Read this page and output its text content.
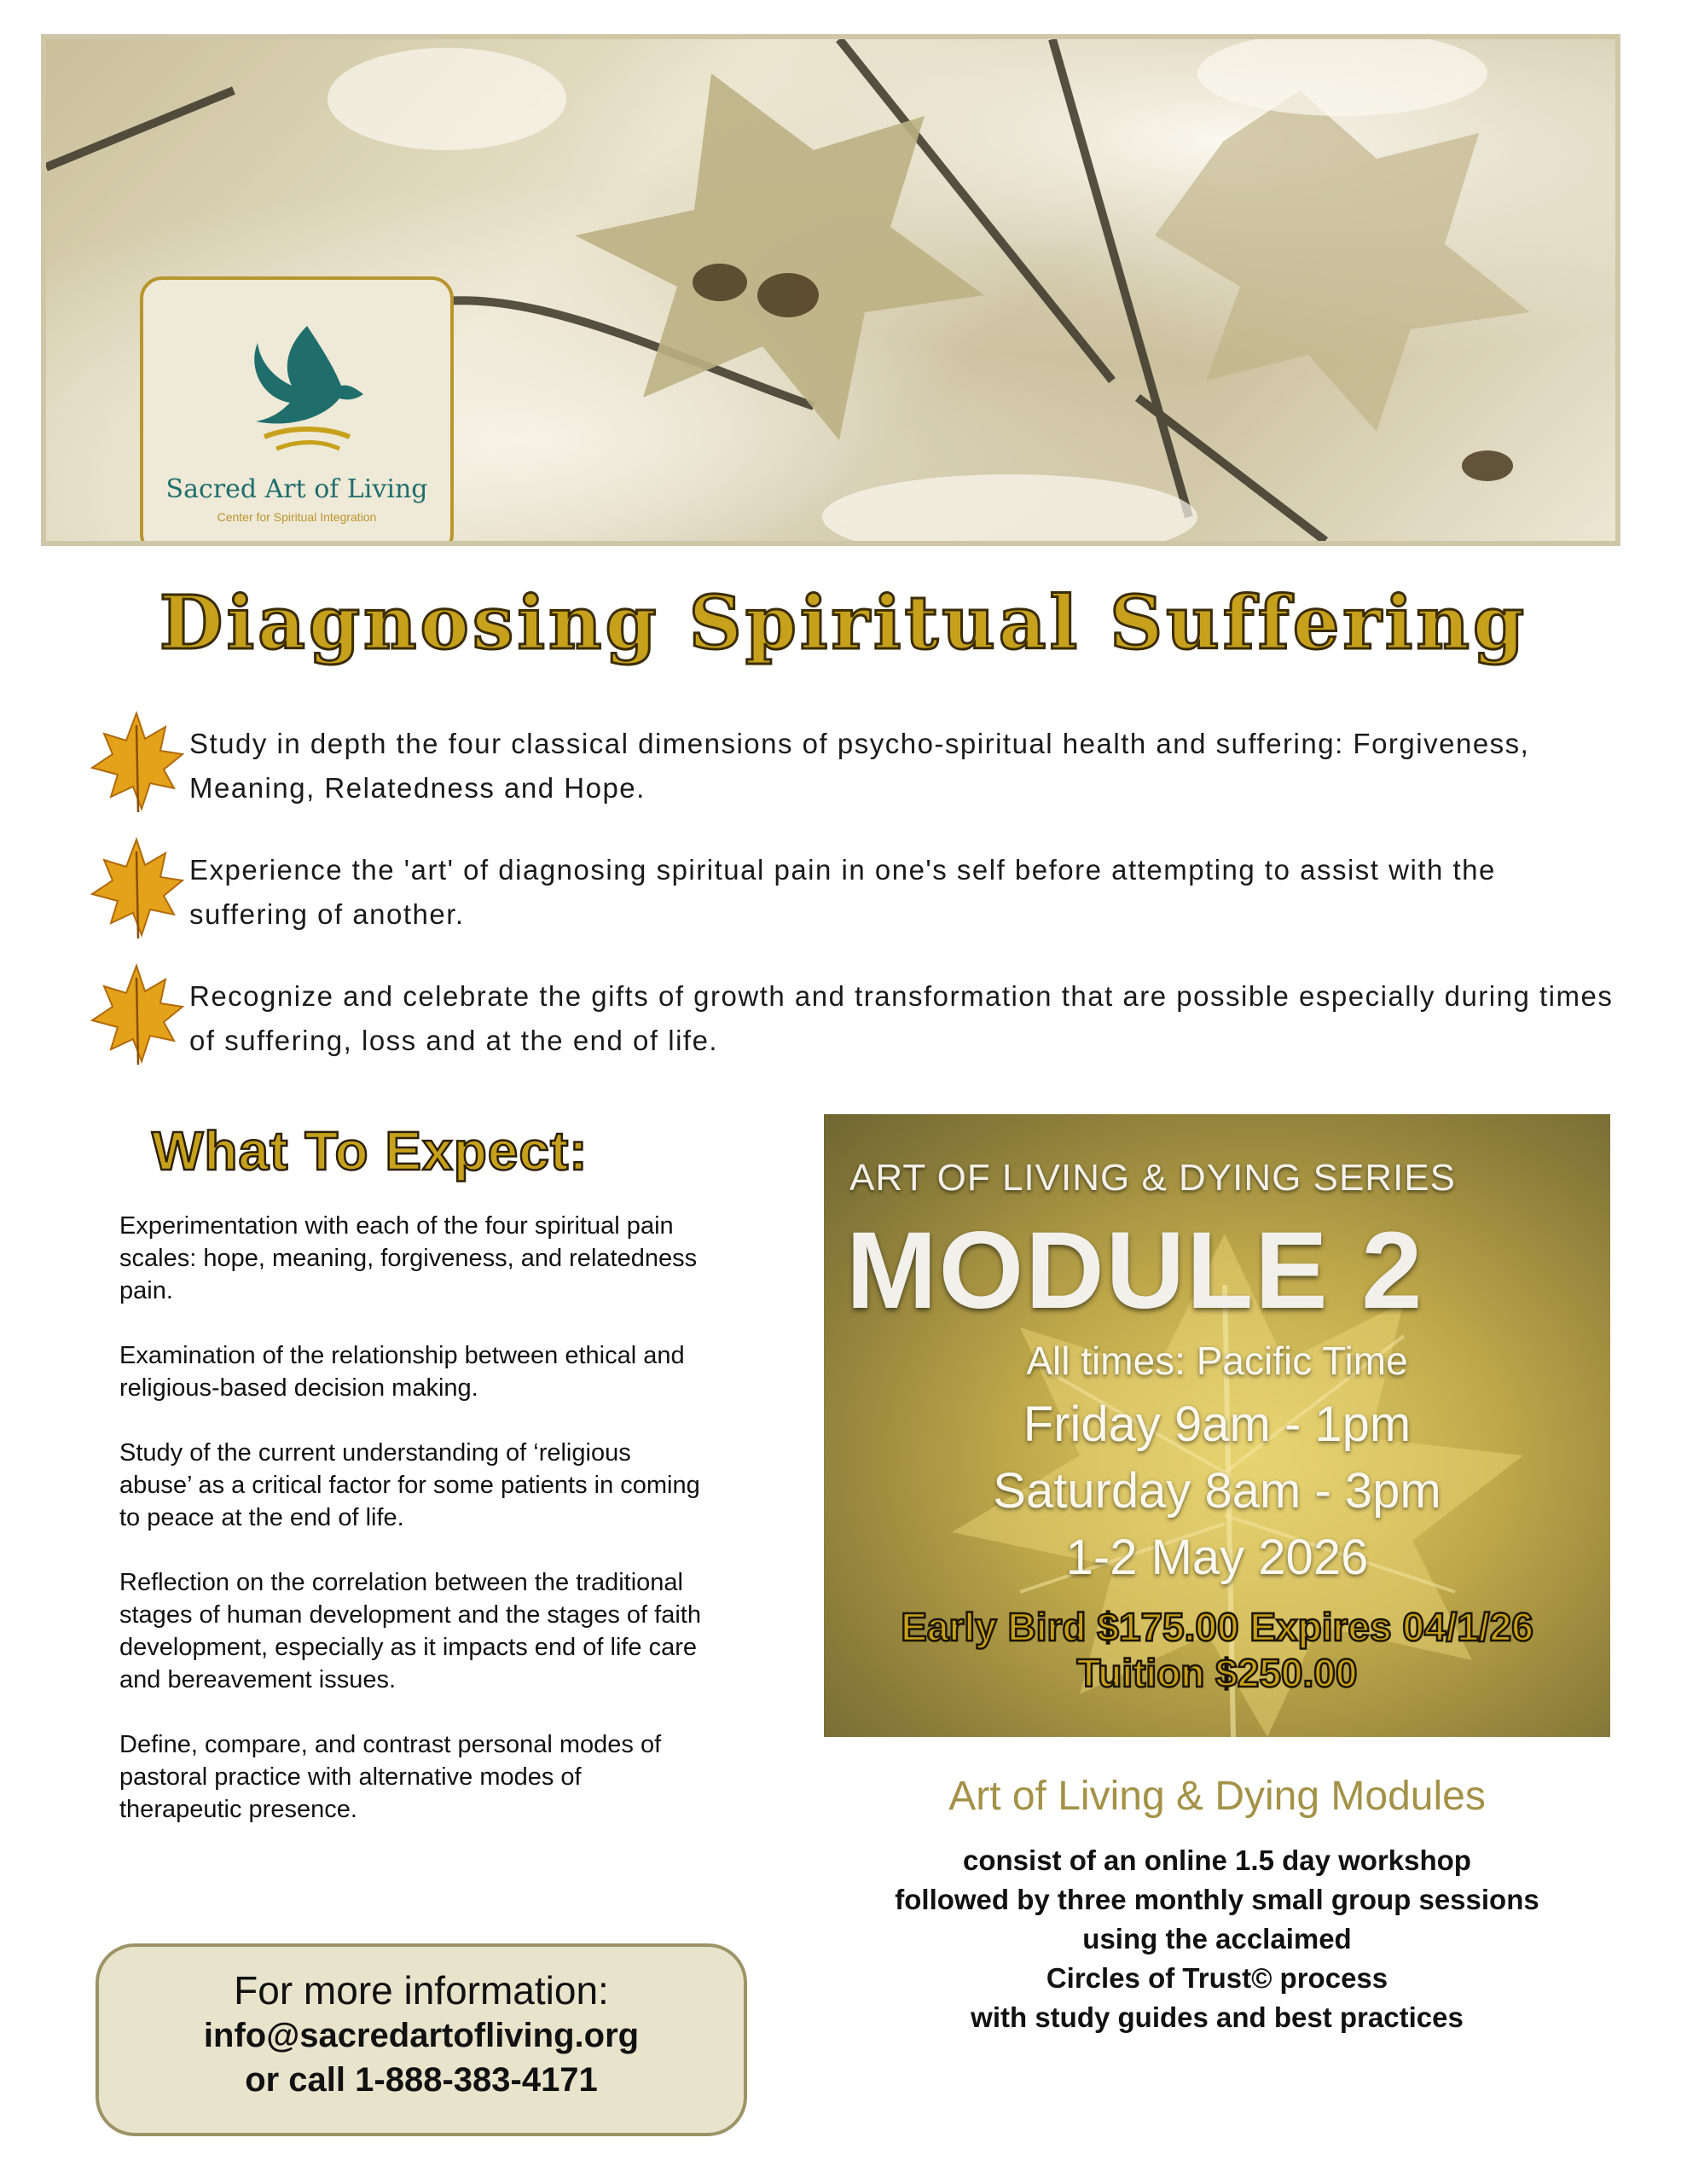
Sacred Art of Living
Center for Spiritual Integration
Diagnosing Spiritual Suffering

Study in depth the four classical dimensions of psycho-spiritual health and suffering: Forgiveness, Meaning, Relatedness and Hope.

Experience the 'art' of diagnosing spiritual pain in one's self before attempting to assist with the suffering of another.

Recognize and celebrate the gifts of growth and transformation that are possible especially during times of suffering, loss and at the end of life.

What To Expect:

Experimentation with each of the four spiritual pain scales: hope, meaning, forgiveness, and relatedness pain.

Examination of the relationship between ethical and religious-based decision making.

Study of the current understanding of ‘religious abuse’ as a critical factor for some patients in coming to peace at the end of life.

Reflection on the correlation between the traditional stages of human development and the stages of faith development, especially as it impacts end of life care and bereavement issues.

Define, compare, and contrast personal modes of pastoral practice with alternative modes of therapeutic presence.

ART OF LIVING & DYING SERIES
MODULE 2
All times: Pacific Time
Friday 9am - 1pm
Saturday 8am - 3pm
1-2 May 2026
Early Bird $175.00 Expires 04/1/26
Tuition $250.00
Art of Living & Dying Modules
consist of an online 1.5 day workshop
followed by three monthly small group sessions
using the acclaimed
Circles of Trust© process
with study guides and best practices
For more information:
info@sacredartofliving.org
or call 1-888-383-4171
